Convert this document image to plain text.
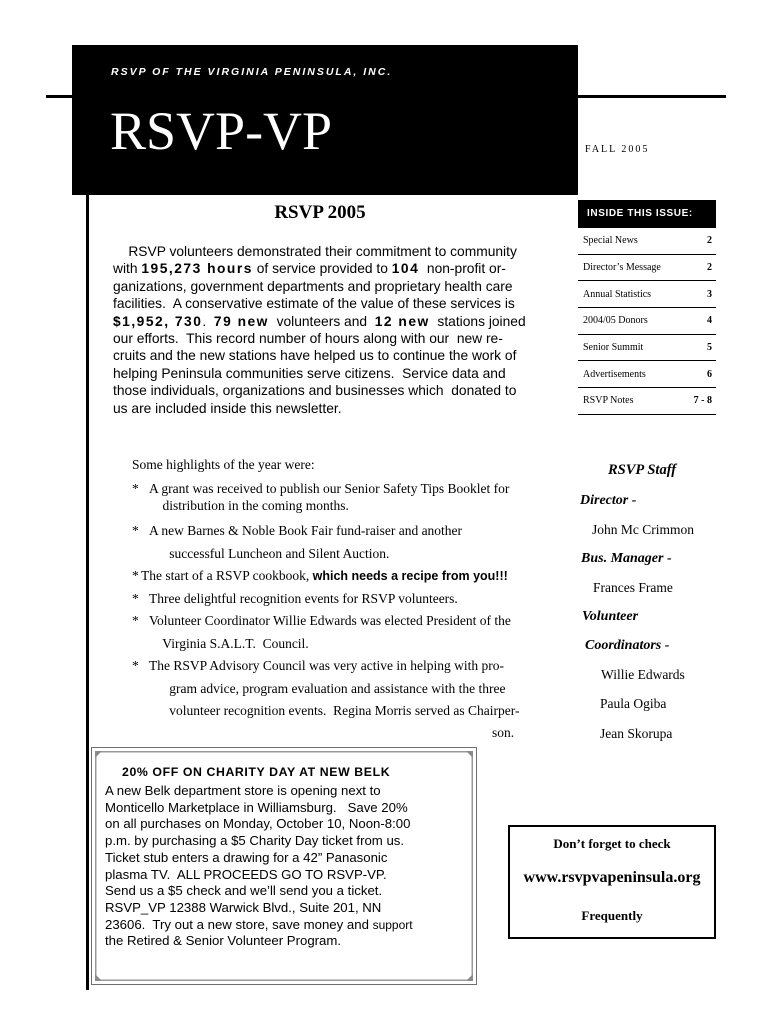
RSVP OF THE VIRGINIA PENINSULA, INC.
RSVP-VP	FALL 2005
RSVP 2005
RSVP volunteers demonstrated their commitment to community
with 195,273 hours of service provided to 104  non-profit or-
ganizations, government departments and proprietary health care
facilities.  A conservative estimate of the value of these services is
$1,952, 730.  79 new  volunteers and  12 new  stations joined
our efforts.  This record number of hours along with our  new re-
cruits and the new stations have helped us to continue the work of
helping Peninsula communities serve citizens.  Service data and
those individuals, organizations and businesses which  donated to
us are included inside this newsletter.
Some highlights of the year were:
* A grant was received to publish our Senior Safety Tips Booklet for
distribution in the coming months.
* A new Barnes & Noble Book Fair fund-raiser and another
successful Luncheon and Silent Auction.
* The start of a RSVP cookbook, which needs a recipe from you!!!
* Three delightful recognition events for RSVP volunteers.
* Volunteer Coordinator Willie Edwards was elected President of the
Virginia S.A.L.T.  Council.
* The RSVP Advisory Council was very active in helping with pro-
gram advice, program evaluation and assistance with the three
volunteer recognition events.  Regina Morris served as Chairper-
son.
INSIDE THIS ISSUE:
Special News	2
Director’s Message	2
Annual Statistics	3
2004/05 Donors	4
Senior Summit	5
Advertisements	6
RSVP Notes	7 - 8
RSVP Staff
Director -
John Mc Crimmon
Bus. Manager -
Frances Frame
Volunteer
Coordinators -
Willie Edwards
Paula Ogiba
Jean Skorupa
20% OFF ON CHARITY DAY AT NEW BELK
A new Belk department store is opening next to
Monticello Marketplace in Williamsburg.   Save 20%
on all purchases on Monday, October 10, Noon-8:00
p.m. by purchasing a $5 Charity Day ticket from us.
Ticket stub enters a drawing for a 42” Panasonic
plasma TV.  ALL PROCEEDS GO TO RSVP-VP.
Send us a $5 check and we’ll send you a ticket.
RSVP_VP 12388 Warwick Blvd., Suite 201, NN
23606.  Try out a new store, save money and support
the Retired & Senior Volunteer Program.
Don’t forget to check
www.rsvpvapeninsula.org
Frequently
